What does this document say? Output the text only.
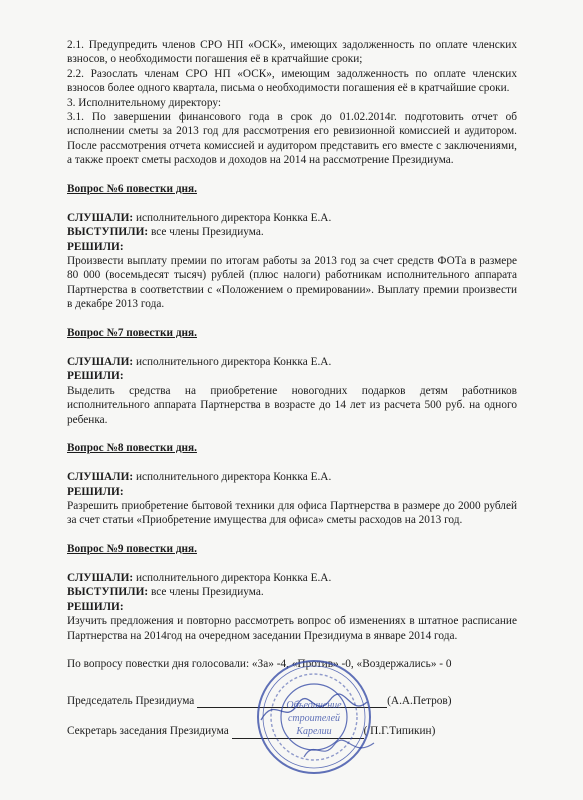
2.1. Предупредить членов СРО НП «ОСК», имеющих задолженность по оплате членских взносов, о необходимости погашения её в кратчайшие сроки;

2.2. Разослать членам СРО НП «ОСК», имеющим задолженность по оплате членских взносов более одного квартала, письма о необходимости погашения её в кратчайшие сроки.

3. Исполнительному директору:

3.1. По завершении финансового года в срок до 01.02.2014г. подготовить отчет об исполнении сметы за 2013 год для рассмотрения его ревизионной комиссией и аудитором. После рассмотрения отчета комиссией и аудитором представить его вместе с заключениями, а также проект сметы расходов и доходов на 2014 на рассмотрение Президиума.

Вопрос №6 повестки дня.

СЛУШАЛИ: исполнительного директора Конкка Е.А.

ВЫСТУПИЛИ: все члены Президиума.

РЕШИЛИ:

Произвести выплату премии по итогам работы за 2013 год за счет средств ФОТа в размере 80 000 (восемьдесят тысяч) рублей (плюс налоги) работникам исполнительного аппарата Партнерства в соответствии с «Положением о премировании». Выплату премии произвести в декабре 2013 года.

Вопрос №7 повестки дня.

СЛУШАЛИ: исполнительного директора Конкка Е.А.

РЕШИЛИ:

Выделить средства на приобретение новогодних подарков детям работников исполнительного аппарата Партнерства в возрасте до 14 лет из расчета 500 руб. на одного ребенка.

Вопрос №8 повестки дня.

СЛУШАЛИ: исполнительного директора Конкка Е.А.

РЕШИЛИ:

Разрешить приобретение бытовой техники для офиса Партнерства в размере до 2000 рублей за счет статьи «Приобретение имущества для офиса» сметы расходов на 2013 год.

Вопрос №9 повестки дня.

СЛУШАЛИ: исполнительного директора Конкка Е.А.

ВЫСТУПИЛИ: все члены Президиума.

РЕШИЛИ:

Изучить предложения и повторно рассмотреть вопрос об изменениях в штатное расписание Партнерства на 2014год на очередном заседании Президиума в январе 2014 года.

По вопросу повестки дня голосовали: «За» -4, «Против» -0, «Воздержались» - 0

Председатель Президиума	(А.А.Петров)

Секретарь заседания Президиума	( П.Г.Типикин)

Объединение
строителей
Карелии
